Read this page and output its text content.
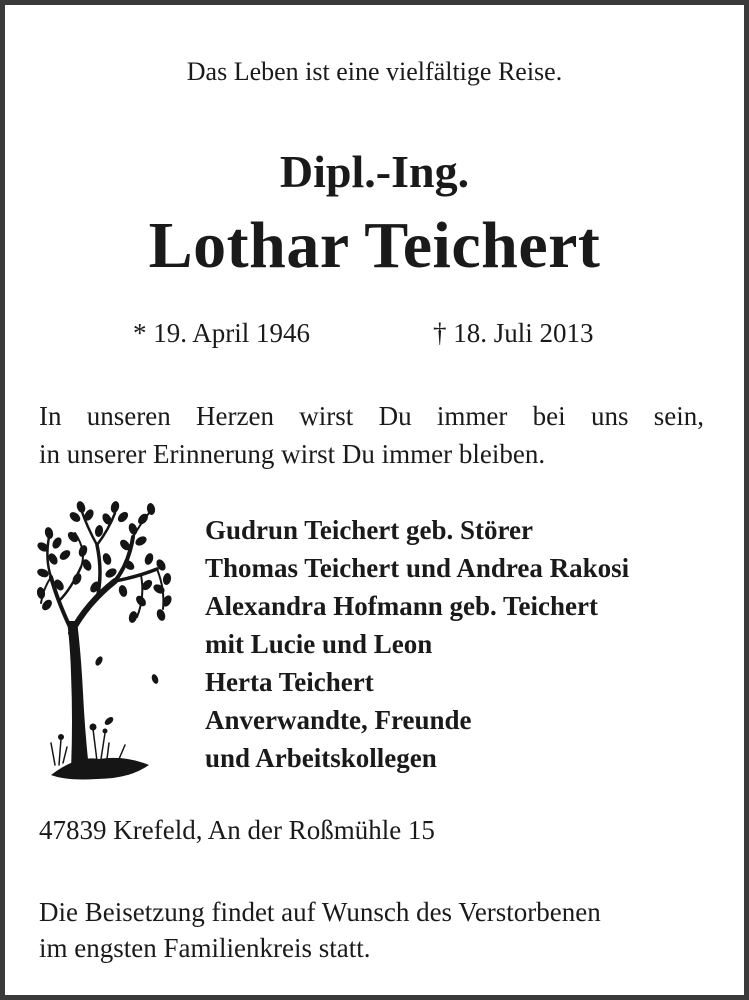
Das Leben ist eine vielfältige Reise.
Dipl.-Ing.
Lothar Teichert
* 19. April 1946	† 18. Juli 2013
In unseren Herzen wirst Du immer bei uns sein,
in unserer Erinnerung wirst Du immer bleiben.
Gudrun Teichert geb. Störer
Thomas Teichert und Andrea Rakosi
Alexandra Hofmann geb. Teichert
mit Lucie und Leon
Herta Teichert
Anverwandte, Freunde
und Arbeitskollegen
47839 Krefeld, An der Roßmühle 15
Die Beisetzung findet auf Wunsch des Verstorbenen
im engsten Familienkreis statt.
